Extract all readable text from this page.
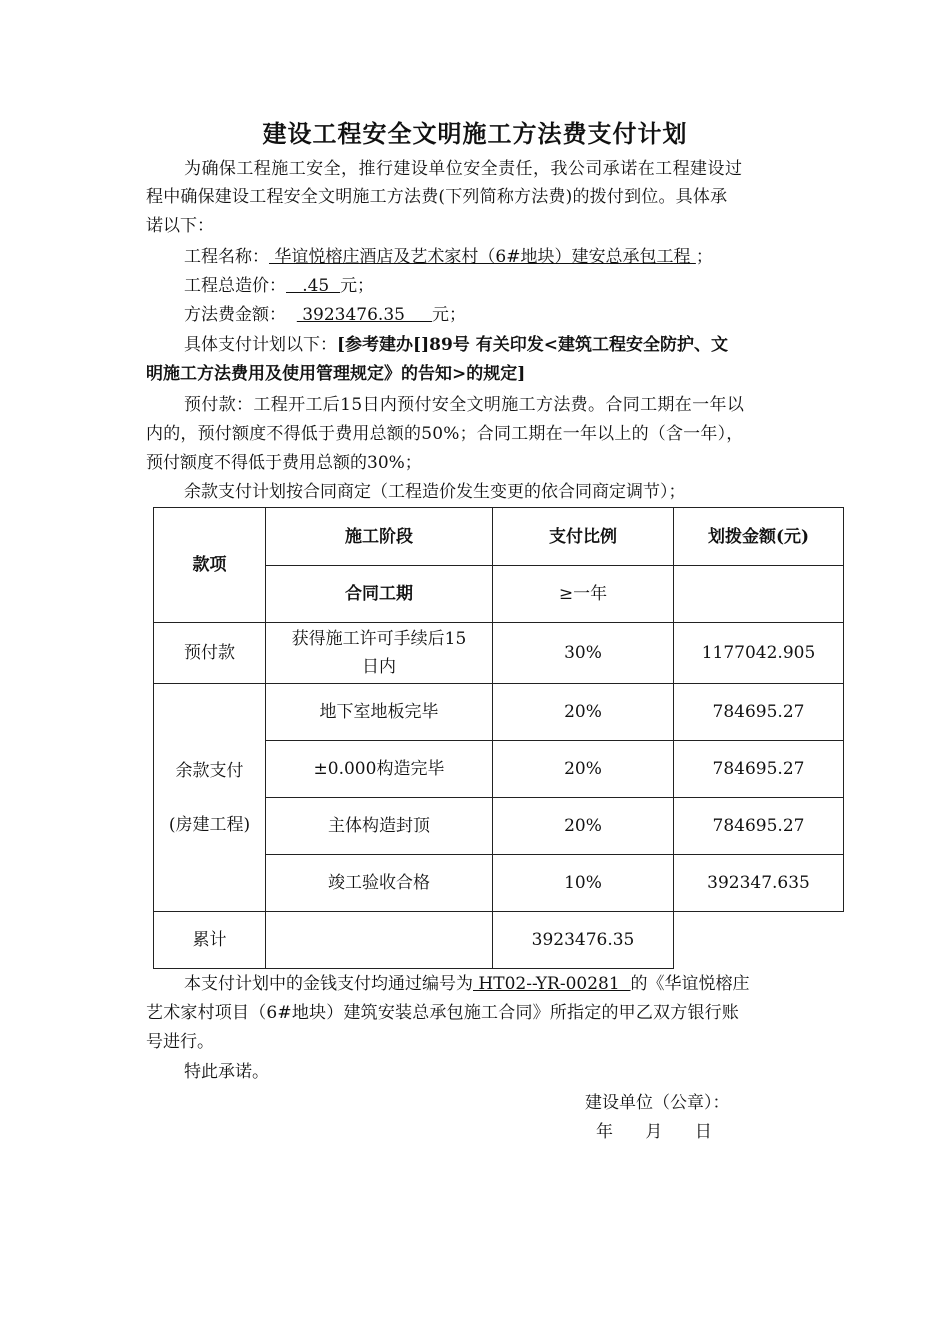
建设工程安全文明施工方法费支付计划
为确保工程施工安全，推行建设单位安全责任，我公司承诺在工程建设过
程中确保建设工程安全文明施工方法费(下列简称方法费)的拨付到位。具体承
诺以下：
工程名称： 华谊悦榕庄酒店及艺术家村（6#地块）建安总承包工程 ；
工程总造价：   .45  元；
方法费金额：   3923476.35     元；
具体支付计划以下：[参考建办[]89号 有关印发<建筑工程安全防护、文
明施工方法费用及使用管理规定》的告知>的规定]
预付款：工程开工后15日内预付安全文明施工方法费。合同工期在一年以
内的，预付额度不得低于费用总额的50%；合同工期在一年以上的（含一年），
预付额度不得低于费用总额的30%；
余款支付计划按合同商定（工程造价发生变更的依合同商定调节）；
款项	施工阶段	支付比例	划拨金额(元)
	合同工期	≥一年	
预付款	获得施工许可手续后15
日内	30%	1177042.905

余款支付
(房建工程)	地下室地板完毕	20%	784695.27
	±0.000构造完毕	20%	784695.27
	主体构造封顶	20%	784695.27
	竣工验收合格	10%	392347.635
累计		3923476.35	
本支付计划中的金钱支付均通过编号为 HT02--YR-00281  的《华谊悦榕庄
艺术家村项目（6#地块）建筑安装总承包施工合同》所指定的甲乙双方银行账
号进行。
特此承诺。
建设单位（公章）：
年      月      日
